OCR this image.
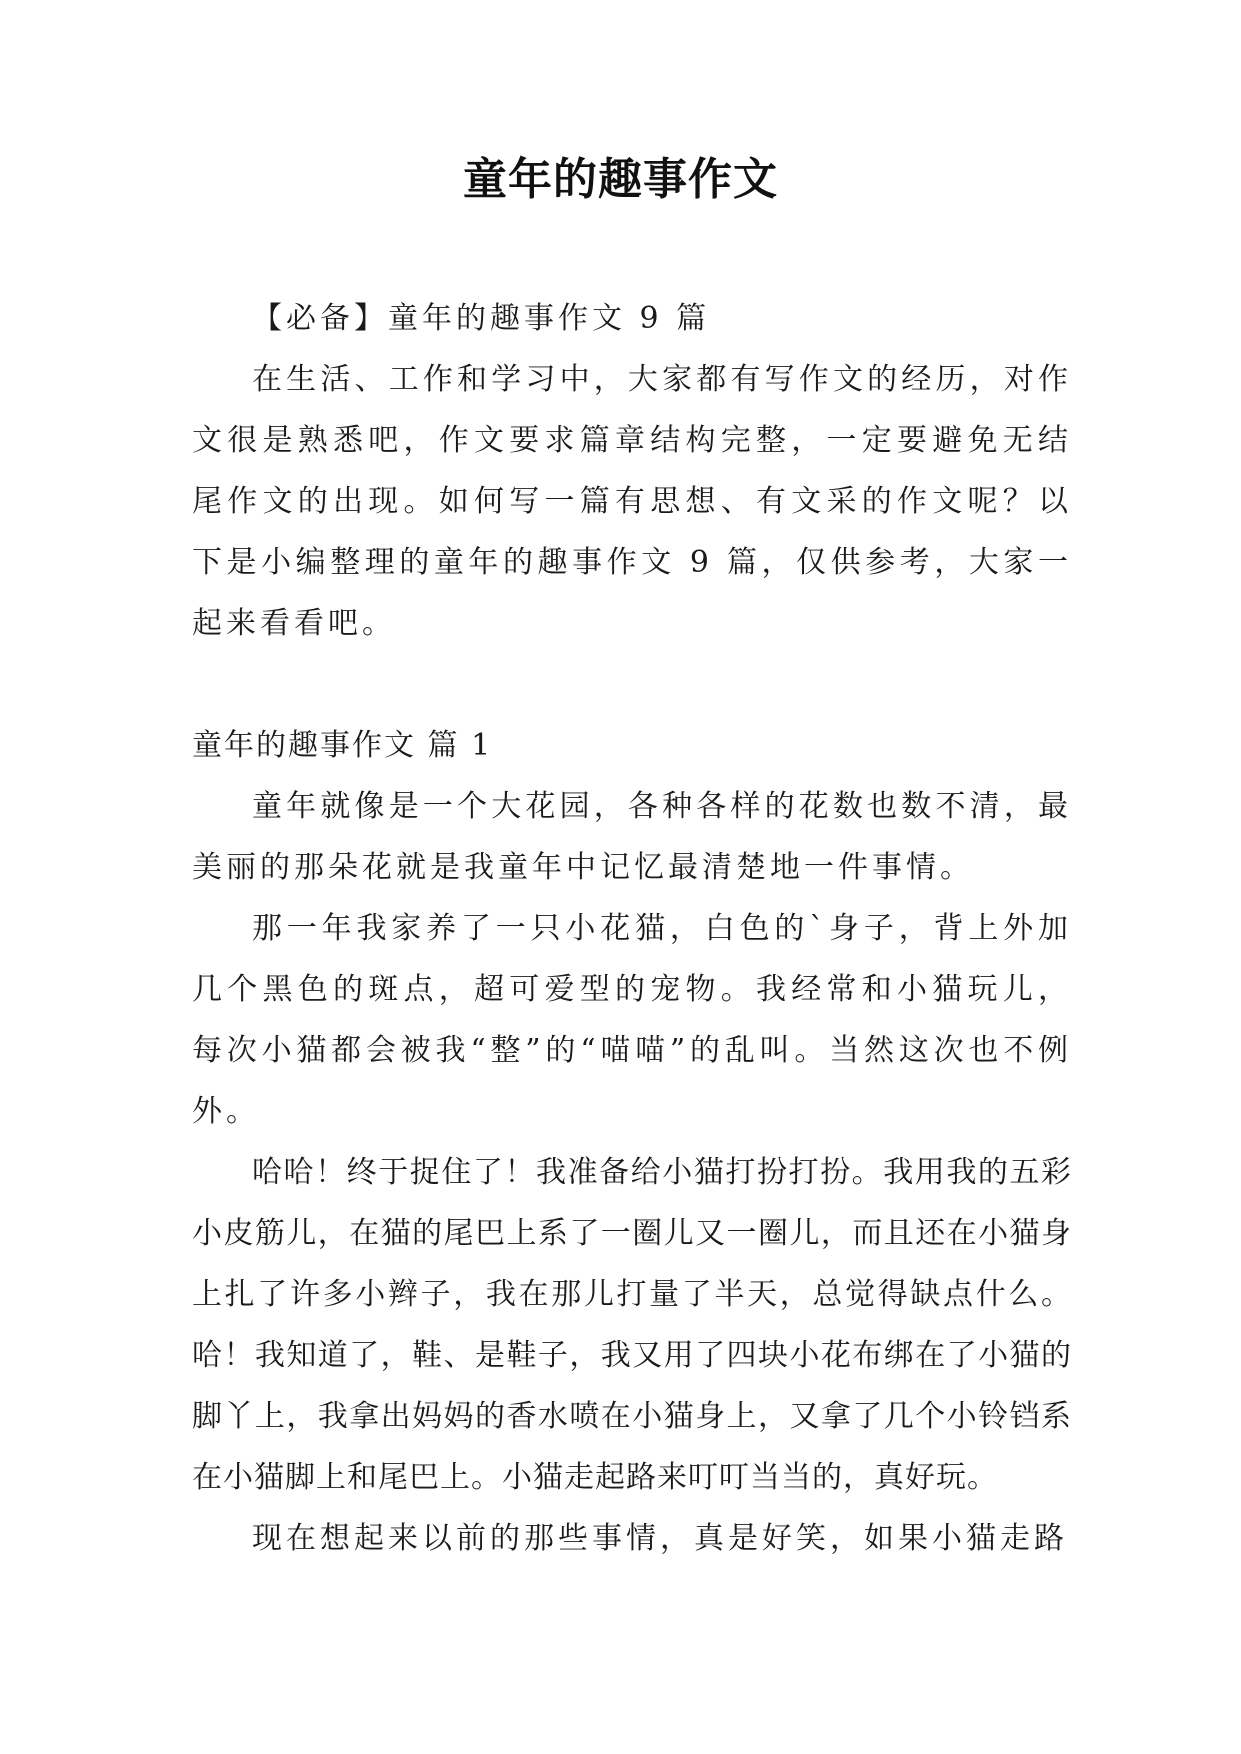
童年的趣事作文

【必备】童年的趣事作文 9 篇

在生活、工作和学习中，大家都有写作文的经历，对作文很是熟悉吧，作文要求篇章结构完整，一定要避免无结尾作文的出现。如何写一篇有思想、有文采的作文呢？以下是小编整理的童年的趣事作文 9 篇，仅供参考，大家一起来看看吧。

童年的趣事作文 篇 1

童年就像是一个大花园，各种各样的花数也数不清，最美丽的那朵花就是我童年中记忆最清楚地一件事情。

那一年我家养了一只小花猫，白色的`身子，背上外加几个黑色的斑点，超可爱型的宠物。我经常和小猫玩儿，每次小猫都会被我“整”的“喵喵”的乱叫。当然这次也不例外。

哈哈！终于捉住了！我准备给小猫打扮打扮。我用我的五彩小皮筋儿，在猫的尾巴上系了一圈儿又一圈儿，而且还在小猫身上扎了许多小辫子，我在那儿打量了半天，总觉得缺点什么。哈！我知道了，鞋、是鞋子，我又用了四块小花布绑在了小猫的脚丫上，我拿出妈妈的香水喷在小猫身上，又拿了几个小铃铛系在小猫脚上和尾巴上。小猫走起路来叮叮当当的，真好玩。

现在想起来以前的那些事情，真是好笑，如果小猫走路
